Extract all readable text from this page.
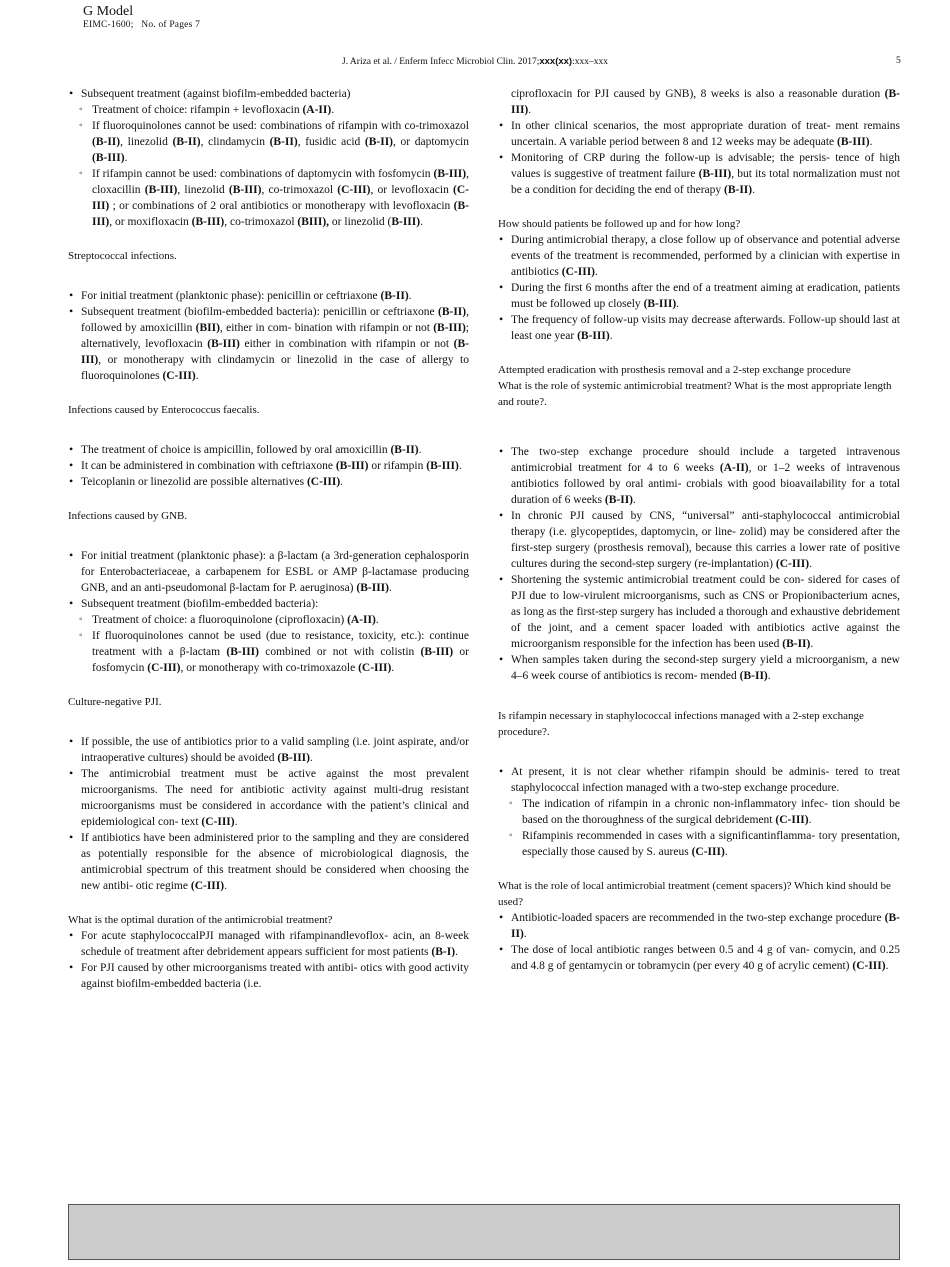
G Model
EIMC-1600;   No. of Pages 7
J. Ariza et al. / Enferm Infecc Microbiol Clin. 2017;xxx(xx):xxx–xxx	5
• Subsequent treatment (against biofilm-embedded bacteria)
◦ Treatment of choice: rifampin + levofloxacin (A-II).
◦ If fluoroquinolones cannot be used: combinations of rifampin with co-trimoxazol (B-II), linezolid (B-II), clindamycin (B-II), fusidic acid (B-II), or daptomycin (B-III).
◦ If rifampin cannot be used: combinations of daptomycin with fosfomycin (B-III), cloxacillin (B-III), linezolid (B-III), co-trimoxazol (C-III), or levofloxacin (C-III) ; or combinations of 2 oral antibiotics or monotherapy with levofloxacin (B-III), or moxifloxacin (B-III), co-trimoxazol (BIII), or linezolid (B-III).

Streptococcal infections.

• For initial treatment (planktonic phase): penicillin or ceftriaxone (B-II).
• Subsequent treatment (biofilm-embedded bacteria): penicillin or ceftriaxone (B-II), followed by amoxicillin (BII), either in com- bination with rifampin or not (B-III); alternatively, levofloxacin (B-III) either in combination with rifampin or not (B-III), or monotherapy with clindamycin or linezolid in the case of allergy to fluoroquinolones (C-III).

Infections caused by Enterococcus faecalis.

• The treatment of choice is ampicillin, followed by oral amoxicillin (B-II).
• It can be administered in combination with ceftriaxone (B-III) or rifampin (B-III).
• Teicoplanin or linezolid are possible alternatives (C-III).

Infections caused by GNB.

• For initial treatment (planktonic phase): a β-lactam (a 3rd-generation cephalosporin for Enterobacteriaceae, a carbapenem for ESBL or AMP β-lactamase producing GNB, and an anti-pseudomonal β-lactam for P. aeruginosa) (B-III).
• Subsequent treatment (biofilm-embedded bacteria):
◦ Treatment of choice: a fluoroquinolone (ciprofloxacin) (A-II).
◦ If fluoroquinolones cannot be used (due to resistance, toxicity, etc.): continue treatment with a β-lactam (B-III) combined or not with colistin (B-III) or fosfomycin (C-III), or monotherapy with co-trimoxazole (C-III).

Culture-negative PJI.

• If possible, the use of antibiotics prior to a valid sampling (i.e. joint aspirate, and/or intraoperative cultures) should be avoided (B-III).
• The antimicrobial treatment must be active against the most prevalent microorganisms. The need for antibiotic activity against multi-drug resistant microorganisms must be considered in accordance with the patient’s clinical and epidemiological con- text (C-III).
• If antibiotics have been administered prior to the sampling and they are considered as potentially responsible for the absence of microbiological diagnosis, the antimicrobial spectrum of this treatment should be considered when choosing the new antibi- otic regime (C-III).

What is the optimal duration of the antimicrobial treatment?

• For acute staphylococcalPJI managed with rifampinandlevoflox- acin, an 8-week schedule of treatment after debridement appears sufficient for most patients (B-I).
• For PJI caused by other microorganisms treated with antibi- otics with good activity against biofilm-embedded bacteria (i.e.
ciprofloxacin for PJI caused by GNB), 8 weeks is also a reasonable duration (B-III).
• In other clinical scenarios, the most appropriate duration of treat- ment remains uncertain. A variable period between 8 and 12 weeks may be adequate (B-III).
• Monitoring of CRP during the follow-up is advisable; the persis- tence of high values is suggestive of treatment failure (B-III), but its total normalization must not be a condition for deciding the end of therapy (B-II).

How should patients be followed up and for how long?

• During antimicrobial therapy, a close follow up of observance and potential adverse events of the treatment is recommended, performed by a clinician with expertise in antibiotics (C-III).
• During the first 6 months after the end of a treatment aiming at eradication, patients must be followed up closely (B-III).
• The frequency of follow-up visits may decrease afterwards. Follow-up should last at least one year (B-III).

Attempted eradication with prosthesis removal and a 2-step exchange procedure

What is the role of systemic antimicrobial treatment? What is the most appropriate length and route?.

• The two-step exchange procedure should include a targeted intravenous antimicrobial treatment for 4 to 6 weeks (A-II), or 1–2 weeks of intravenous antibiotics followed by oral antimi- crobials with good bioavailability for a total duration of 6 weeks (B-II).
• In chronic PJI caused by CNS, “universal” anti-staphylococcal antimicrobial therapy (i.e. glycopeptides, daptomycin, or line- zolid) may be considered after the first-step surgery (prosthesis removal), because this carries a lower rate of positive cultures during the second-step surgery (re-implantation) (C-III).
• Shortening the systemic antimicrobial treatment could be con- sidered for cases of PJI due to low-virulent microorganisms, such as CNS or Propionibacterium acnes, as long as the first-step surgery has included a thorough and exhaustive debridement of the joint, and a cement spacer loaded with antibiotics active against the microorganism responsible for the infection has been used (B-II).
• When samples taken during the second-step surgery yield a microorganism, a new 4–6 week course of antibiotics is recom- mended (B-II).

Is rifampin necessary in staphylococcal infections managed with a 2-step exchange procedure?.

• At present, it is not clear whether rifampin should be adminis- tered to treat staphylococcal infection managed with a two-step exchange procedure.
◦ The indication of rifampin in a chronic non-inflammatory infec- tion should be based on the thoroughness of the surgical debridement (C-III).
◦ Rifampinis recommended in cases with a significantinflamma- tory presentation, especially those caused by S. aureus (C-III).

What is the role of local antimicrobial treatment (cement spacers)? Which kind should be used?

• Antibiotic-loaded spacers are recommended in the two-step exchange procedure (B-II).
• The dose of local antibiotic ranges between 0.5 and 4 g of van- comycin, and 0.25 and 4.8 g of gentamycin or tobramycin (per every 40 g of acrylic cement) (C-III).
